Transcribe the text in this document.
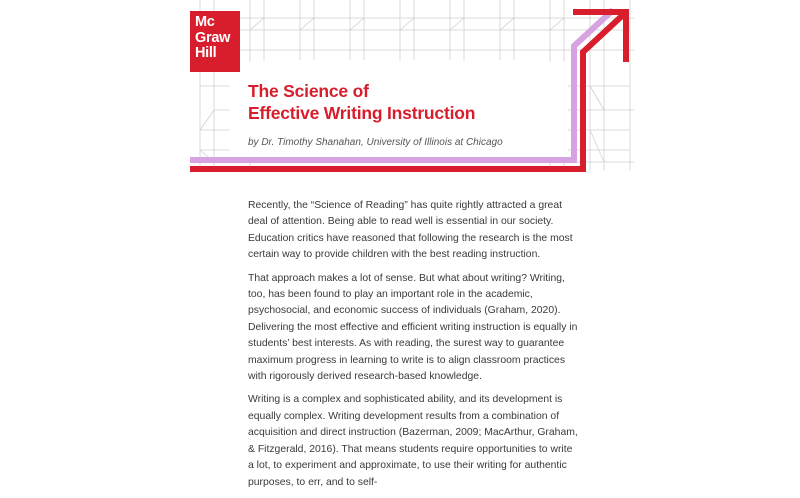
Mc
Graw
Hill
The Science of
Effective Writing Instruction
by Dr. Timothy Shanahan, University of Illinois at Chicago

Recently, the “Science of Reading” has quite rightly attracted a great deal of attention. Being able to read well is essential in our society. Education critics have reasoned that following the research is the most certain way to provide children with the best reading instruction.

That approach makes a lot of sense. But what about writing? Writing, too, has been found to play an important role in the academic, psychosocial, and economic success of individuals (Graham, 2020). Delivering the most effective and efficient writing instruction is equally in students’ best interests. As with reading, the surest way to guarantee maximum progress in learning to write is to align classroom practices with rigorously derived research-based knowledge.

Writing is a complex and sophisticated ability, and its development is equally complex. Writing development results from a combination of acquisition and direct instruction (Bazerman, 2009; MacArthur, Graham, & Fitzgerald, 2016). That means students require opportunities to write a lot, to experiment and approximate, to use their writing for authentic purposes, to err, and to self-
